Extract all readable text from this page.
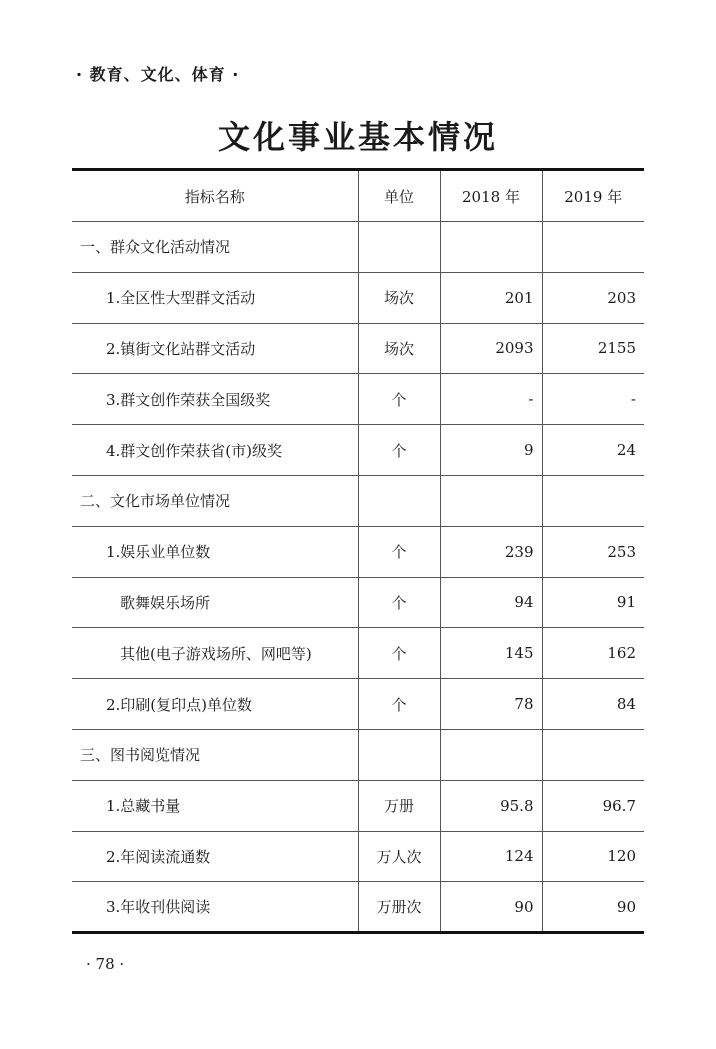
· 教育、文化、体育 ·
文化事业基本情况
指标名称	单位	2018 年	2019 年
一、群众文化活动情况			
1.全区性大型群文活动	场次	201	203
2.镇街文化站群文活动	场次	2093	2155
3.群文创作荣获全国级奖	个	-	-
4.群文创作荣获省(市)级奖	个	9	24
二、文化市场单位情况			
1.娱乐业单位数	个	239	253
歌舞娱乐场所	个	94	91
其他(电子游戏场所、网吧等)	个	145	162
2.印刷(复印点)单位数	个	78	84
三、图书阅览情况			
1.总藏书量	万册	95.8	96.7
2.年阅读流通数	万人次	124	120
3.年收刊供阅读	万册次	90	90
· 78 ·
